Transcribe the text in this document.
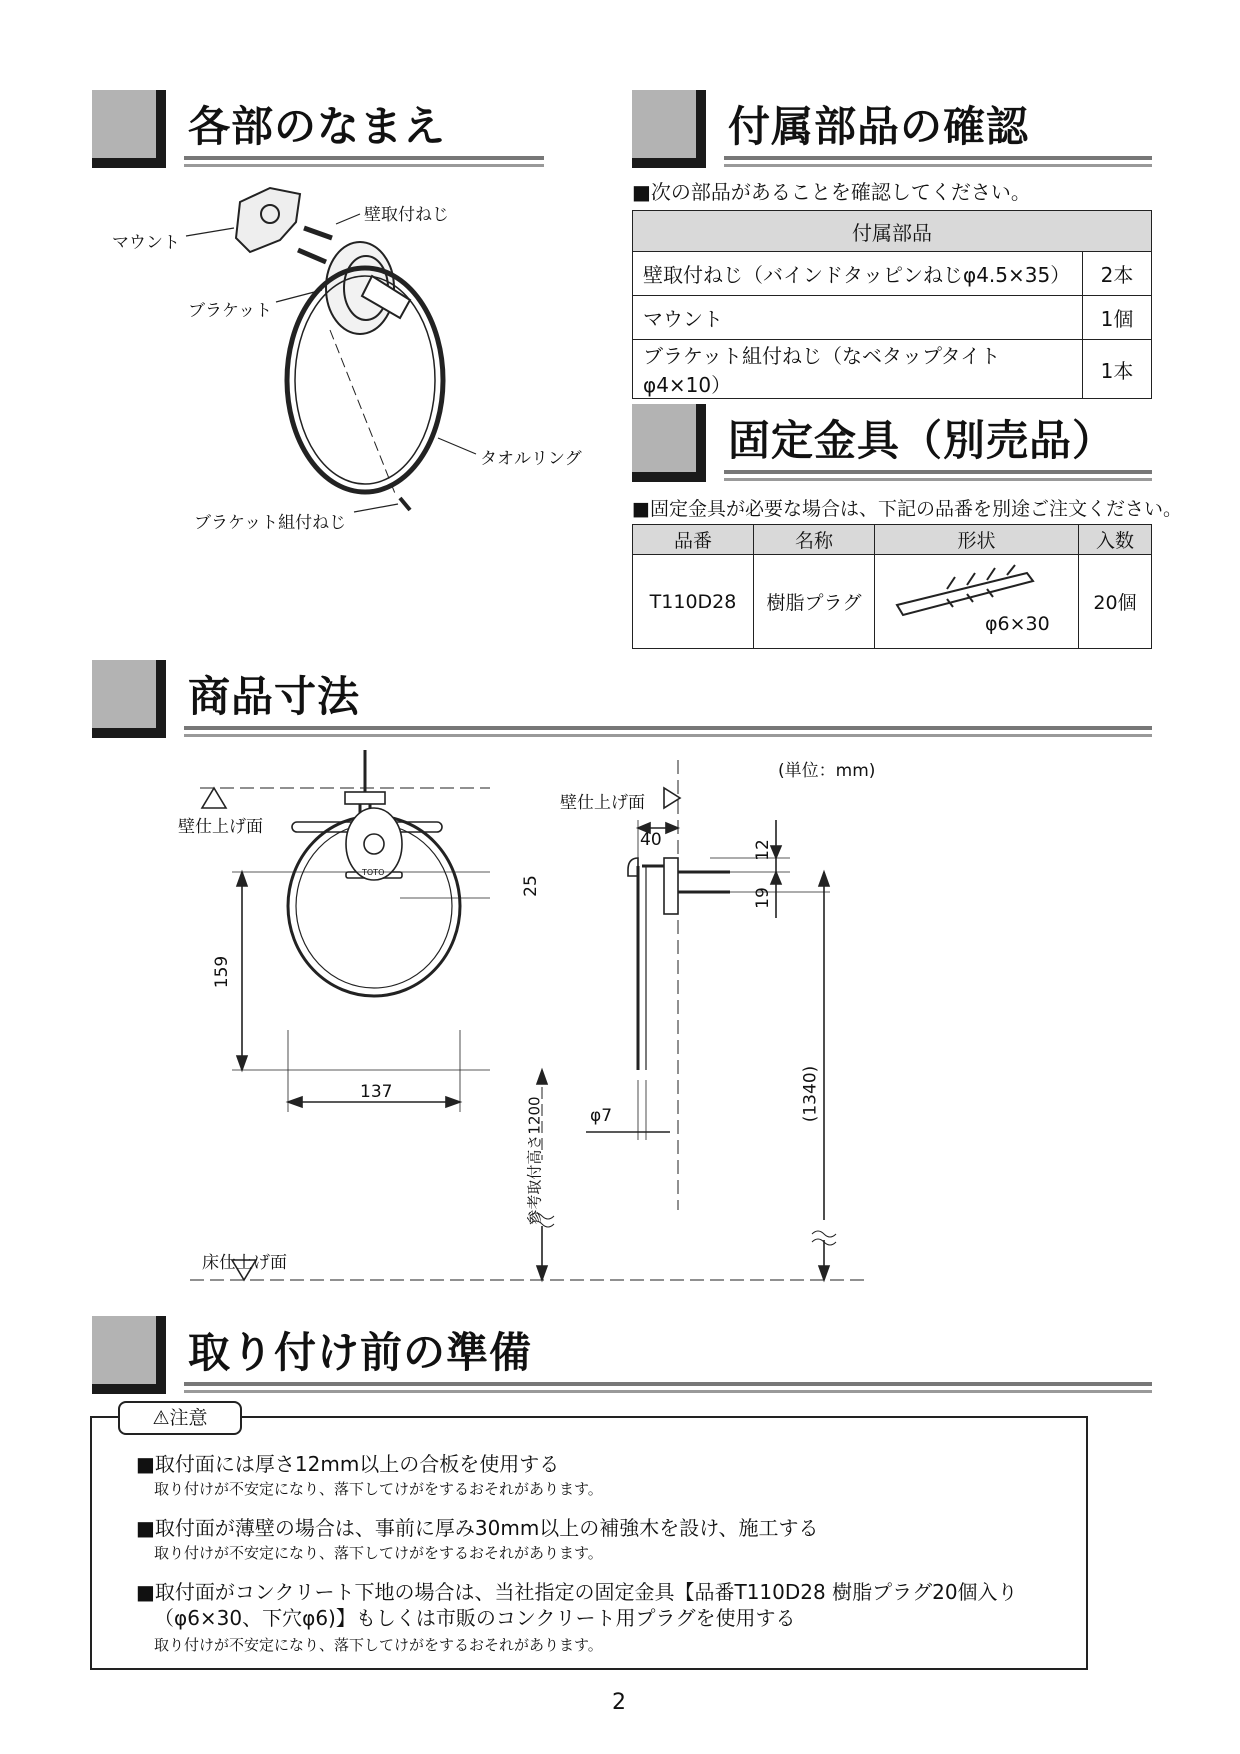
各部のなまえ
マウント
壁取付ねじ
ブラケット
タオルリング
ブラケット組付ねじ
付属部品の確認
■次の部品があることを確認してください。
付属部品	
壁取付ねじ（バインドタッピンねじφ4.5×35）	2本
マウント	1個
ブラケット組付ねじ（なベタップタイトφ4×10）	1本
固定金具（別売品）
■固定金具が必要な場合は、下記の品番を別途ご注文ください。
品番	名称	形状	入数
T110D28	樹脂プラグ	φ6×30	20個
商品寸法
(単位：mm)
壁仕上げ面
壁仕上げ面
床仕上げ面
TOTO
25
159
137
40	12
19
φ7	(1340)
参考取付高さ1200
取り付け前の準備
■取付面には厚さ12mm以上の合板を使用する
取り付けが不安定になり、落下してけがをするおそれがあります。
■取付面が薄壁の場合は、事前に厚み30mm以上の補強木を設け、施工する
取り付けが不安定になり、落下してけがをするおそれがあります。
■取付面がコンクリート下地の場合は、当社指定の固定金具【品番T110D28 樹脂プラグ20個入り
（φ6×30、下穴φ6)】もしくは市販のコンクリート用プラグを使用する
取り付けが不安定になり、落下してけがをするおそれがあります。
⚠注意
2
